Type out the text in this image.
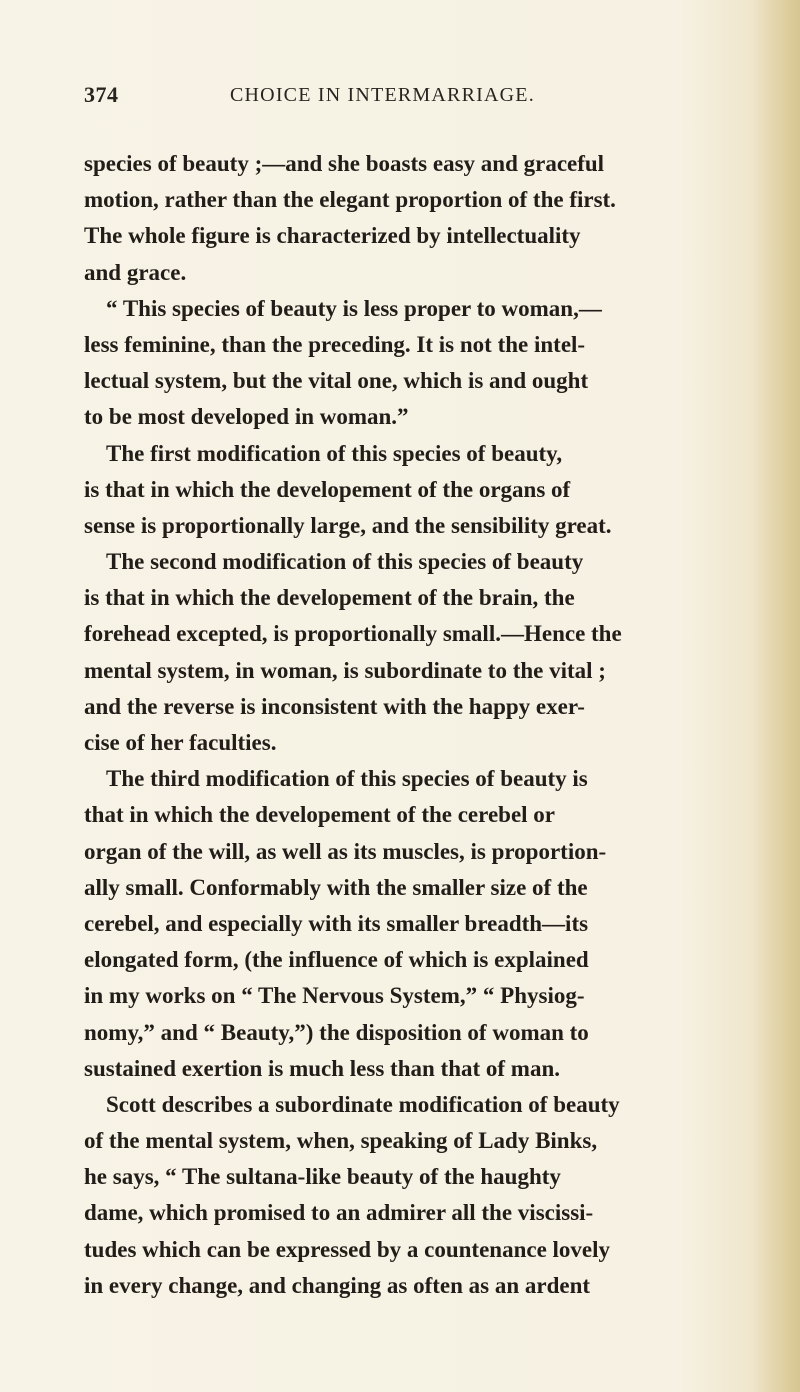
374	CHOICE IN INTERMARRIAGE.
species of beauty ;—and she boasts easy and graceful
motion, rather than the elegant proportion of the first.
The whole figure is characterized by intellectuality
and grace.
“ This species of beauty is less proper to woman,—
less feminine, than the preceding. It is not the intel-
lectual system, but the vital one, which is and ought
to be most developed in woman.”
The first modification of this species of beauty,
is that in which the developement of the organs of
sense is proportionally large, and the sensibility great.
The second modification of this species of beauty
is that in which the developement of the brain, the
forehead excepted, is proportionally small.—Hence the
mental system, in woman, is subordinate to the vital ;
and the reverse is inconsistent with the happy exer-
cise of her faculties.
The third modification of this species of beauty is
that in which the developement of the cerebel or
organ of the will, as well as its muscles, is proportion-
ally small. Conformably with the smaller size of the
cerebel, and especially with its smaller breadth—its
elongated form, (the influence of which is explained
in my works on “ The Nervous System,” “ Physiog-
nomy,” and “ Beauty,”) the disposition of woman to
sustained exertion is much less than that of man.
Scott describes a subordinate modification of beauty
of the mental system, when, speaking of Lady Binks,
he says, “ The sultana-like beauty of the haughty
dame, which promised to an admirer all the viscissi-
tudes which can be expressed by a countenance lovely
in every change, and changing as often as an ardent
